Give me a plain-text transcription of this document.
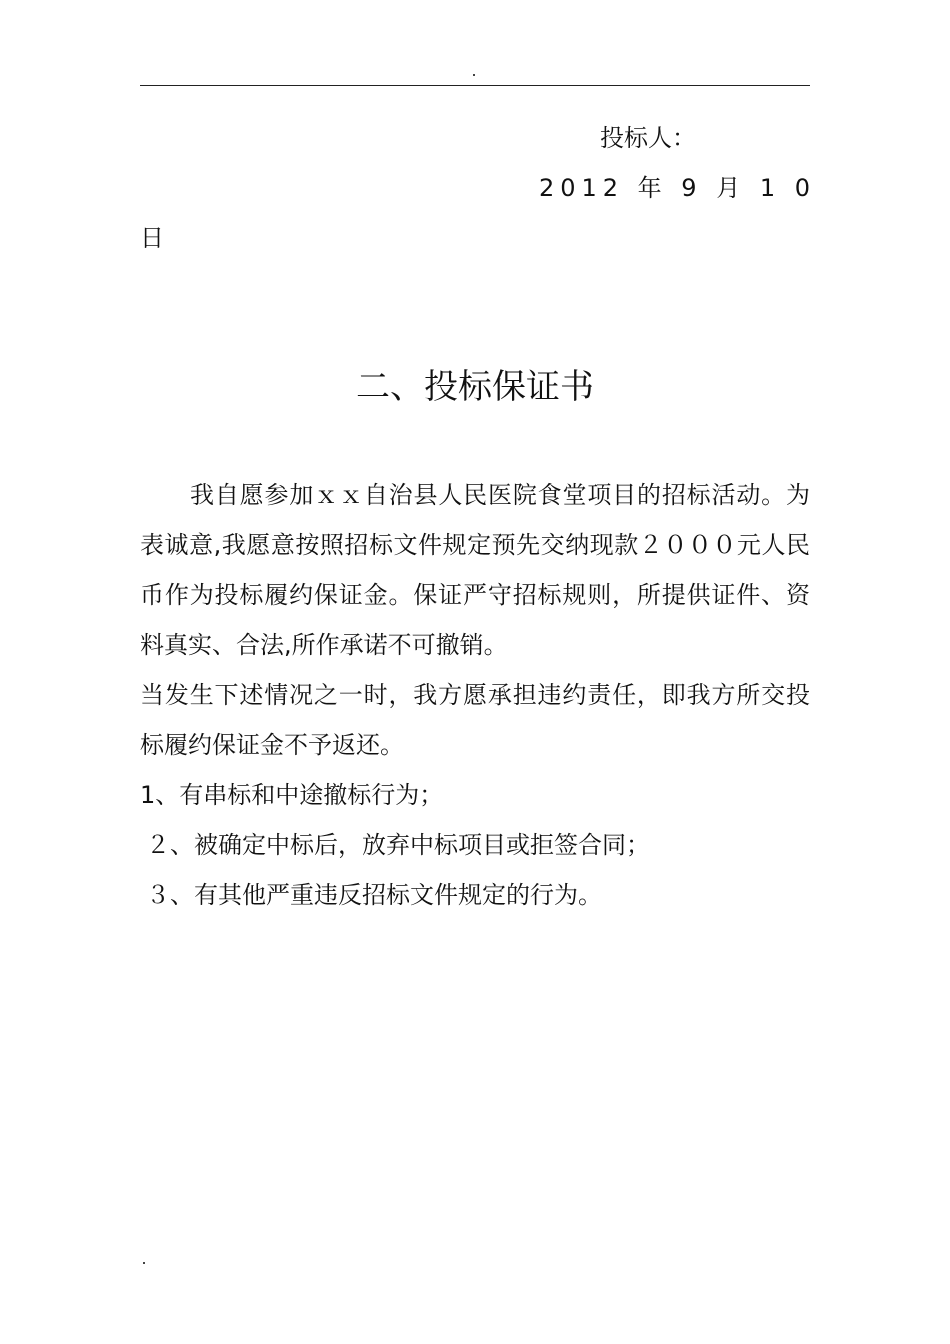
投标人：

2012 年 9 月 1 0

日

二、投标保证书

我自愿参加ｘｘ自治县人民医院食堂项目的招标活动。为表诚意,我愿意按照招标文件规定预先交纳现款２０００元人民币作为投标履约保证金。保证严守招标规则，所提供证件、资料真实、合法,所作承诺不可撤销。

当发生下述情况之一时，我方愿承担违约责任，即我方所交投标履约保证金不予返还。

1、有串标和中途撤标行为；

２、被确定中标后，放弃中标项目或拒签合同；

３、有其他严重违反招标文件规定的行为。
